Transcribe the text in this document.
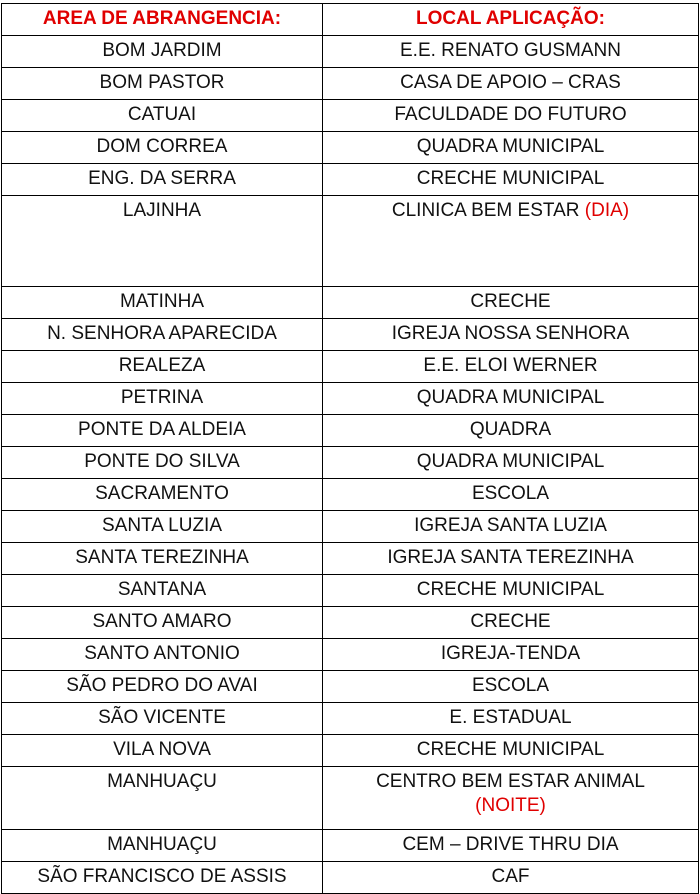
AREA DE ABRANGENCIA:	LOCAL APLICAÇÃO:
BOM JARDIM	E.E. RENATO GUSMANN
BOM PASTOR	CASA DE APOIO – CRAS
CATUAI	FACULDADE DO FUTURO
DOM CORREA	QUADRA MUNICIPAL
ENG. DA SERRA	CRECHE MUNICIPAL
LAJINHA	CLINICA BEM ESTAR (DIA)
MATINHA	CRECHE
N. SENHORA APARECIDA	IGREJA NOSSA SENHORA
REALEZA	E.E. ELOI WERNER
PETRINA	QUADRA MUNICIPAL
PONTE DA ALDEIA	QUADRA
PONTE DO SILVA	QUADRA MUNICIPAL
SACRAMENTO	ESCOLA
SANTA LUZIA	IGREJA SANTA LUZIA
SANTA TEREZINHA	IGREJA SANTA TEREZINHA
SANTANA	CRECHE MUNICIPAL
SANTO AMARO	CRECHE
SANTO ANTONIO	IGREJA-TENDA
SÃO PEDRO DO AVAI	ESCOLA
SÃO VICENTE	E. ESTADUAL
VILA NOVA	CRECHE MUNICIPAL
MANHUAÇU	CENTRO BEM ESTAR ANIMAL
(NOITE)

MANHUAÇU	CEM – DRIVE THRU DIA
SÃO FRANCISCO DE ASSIS	CAF
